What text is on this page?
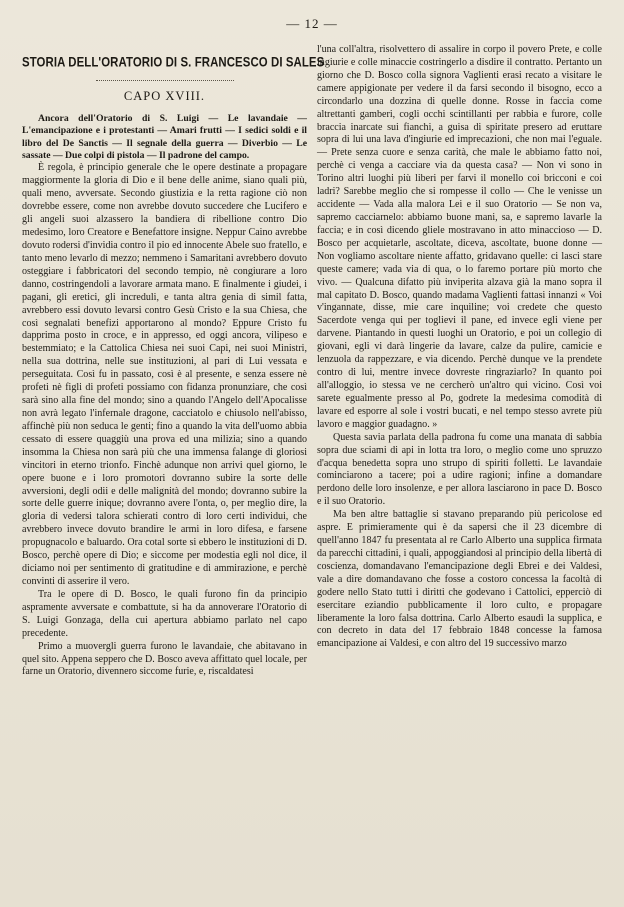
— 12 —
STORIA DELL'ORATORIO DI S. FRANCESCO DI SALES
CAPO XVIII.

Ancora dell'Oratorio di S. Luigi — Le lavandaie — L'emancipazione e i protestanti — Amari frutti — I sedici soldi e il libro del De Sanctis — Il segnale della guerra — Diverbio — Le sassate — Due colpi di pistola — Il padrone del campo.

È regola, è principio generale che le opere destinate a propagare maggiormente la gloria di Dio e il bene delle anime, siano quali più, quali meno, avversate. Secondo giustizia e la retta ragione ciò non dovrebbe essere, come non avrebbe dovuto succedere che Lucifero e gli angeli suoi alzassero la bandiera di ribellione contro Dio medesimo, loro Creatore e Benefattore insigne. Neppur Caino avrebbe dovuto rodersi d'invidia contro il pio ed innocente Abele suo fratello, e tanto meno levarlo di mezzo; nemmeno i Samaritani avrebbero dovuto osteggiare i fabbricatori del secondo tempio, nè congiurare a loro danno, costringendoli a lavorare armata mano. E finalmente i giudei, i pagani, gli eretici, gli increduli, e tanta altra genia di simil fatta, avrebbero essi dovuto levarsi contro Gesù Cristo e la sua Chiesa, che così segnalati benefizi apportarono al mondo? Eppure Cristo fu dapprima posto in croce, e in appresso, ed oggi ancora, vilipeso e bestemmiato; e la Cattolica Chiesa nei suoi Capi, nei suoi Ministri, nella sua dottrina, nelle sue instituzioni, al pari di Lui vessata e perseguitata. Così fu in passato, così è al presente, e senza essere nè profeti nè figli di profeti possiamo con fidanza pronunziare, che così sarà sino alla fine del mondo; sino a quando l'Angelo dell'Apocalisse non avrà legato l'infernale dragone, cacciatolo e chiusolo nell'abisso, affinchè più non seduca le genti; fino a quando la vita dell'uomo abbia cessato di essere quaggiù una prova ed una milizia; sino a quando insomma la Chiesa non sarà più che una immensa falange di gloriosi vincitori in eterno trionfo. Finchè adunque non arrivi quel giorno, le opere buone e i loro promotori dovranno subire la sorte delle avversioni, degli odii e delle malignità del mondo; dovranno subire la sorte delle guerre inique; dovranno avere l'onta, o, per meglio dire, la gloria di vedersi talora schierati contro di loro certi individui, che avrebbero invece dovuto brandire le armi in loro difesa, e farsene propugnacolo e baluardo. Ora cotal sorte si ebbero le instituzioni di D. Bosco, perchè opere di Dio; e siccome per modestia egli nol dice, il diciamo noi per sentimento di gratitudine e di ammirazione, e perchè convinti di asserire il vero.

Tra le opere di D. Bosco, le quali furono fin da principio aspramente avversate e combattute, si ha da annoverare l'Oratorio di S. Luigi Gonzaga, della cui apertura abbiamo parlato nel capo precedente.

Primo a muovergli guerra furono le lavandaie, che abitavano in quel sito. Appena seppero che D. Bosco aveva affittato quel locale, per farne un Oratorio, divennero siccome furie, e, riscaldatesi

l'una coll'altra, risolvettero di assalire in corpo il povero Prete, e colle ingiurie e colle minaccie costringerlo a disdire il contratto. Pertanto un giorno che D. Bosco colla signora Vaglienti erasi recato a visitare le camere appigionate per vedere il da farsi secondo il bisogno, ecco a circondarlo una dozzina di quelle donne. Rosse in faccia come altrettanti gamberi, cogli occhi scintillanti per rabbia e furore, colle braccia inarcate sui fianchi, a guisa di spiritate presero ad eruttare sopra di lui una lava d'ingiurie ed imprecazioni, che non mai l'eguale. — Prete senza cuore e senza carità, che male le abbiamo fatto noi, perchè ci venga a cacciare via da questa casa? — Non vi sono in Torino altri luoghi più liberi per farvi il monello coi bricconi e coi ladri? Sarebbe meglio che si rompesse il collo — Che le venisse un accidente — Vada alla malora Lei e il suo Oratorio — Se non va, sapremo cacciarnelo: abbiamo buone mani, sa, e sapremo lavarle la faccia; e in così dicendo gliele mostravano in atto minaccioso — D. Bosco per acquietarle, ascoltate, diceva, ascoltate, buone donne — Non vogliamo ascoltare niente affatto, gridavano quelle: ci lasci stare queste camere; vada via di qua, o lo faremo portare più morto che vivo. — Qualcuna difatto più inviperita alzava già la mano sopra il mal capitato D. Bosco, quando madama Vaglienti fattasi innanzi « Voi v'ingannate, disse, mie care inquiline; voi credete che questo Sacerdote venga qui per toglievi il pane, ed invece egli viene per darvene. Piantando in questi luoghi un Oratorio, e poi un collegio di giovani, egli vi darà lingerie da lavare, calze da pulire, camicie e lenzuola da rappezzare, e via dicendo. Perchè dunque ve la prendete contro di lui, mentre invece dovreste ringraziarlo? In quanto poi all'alloggio, io stessa ve ne cercherò un'altro qui vicino. Così voi sarete egualmente presso al Po, godrete la medesima comodità di lavare ed esporre al sole i vostri bucati, e nel tempo stesso avrete più lavoro e maggior guadagno. »

Questa savia parlata della padrona fu come una manata di sabbia sopra due sciami di api in lotta tra loro, o meglio come uno spruzzo d'acqua benedetta sopra uno strupo di spiriti folletti. Le lavandaie cominciarono a tacere; poi a udire ragioni; infine a domandare perdono delle loro insolenze, e per allora lasciarono in pace D. Bosco e il suo Oratorio.

Ma ben altre battaglie si stavano preparando più pericolose ed aspre. E primieramente qui è da sapersi che il 23 dicembre di quell'anno 1847 fu presentata al re Carlo Alberto una supplica firmata da parecchi cittadini, i quali, appoggiandosi al principio della libertà di coscienza, domandavano l'emancipazione degli Ebrei e dei Valdesi, vale a dire domandavano che fosse a costoro concessa la facoltà di godere nello Stato tutti i diritti che godevano i Cattolici, epperciò di esercitare eziandio pubblicamente il loro culto, e propagare liberamente la loro falsa dottrina. Carlo Alberto esaudì la supplica, e con decreto in data del 17 febbraio 1848 concesse la famosa emancipazione ai Valdesi, e con altro del 19 successivo marzo
